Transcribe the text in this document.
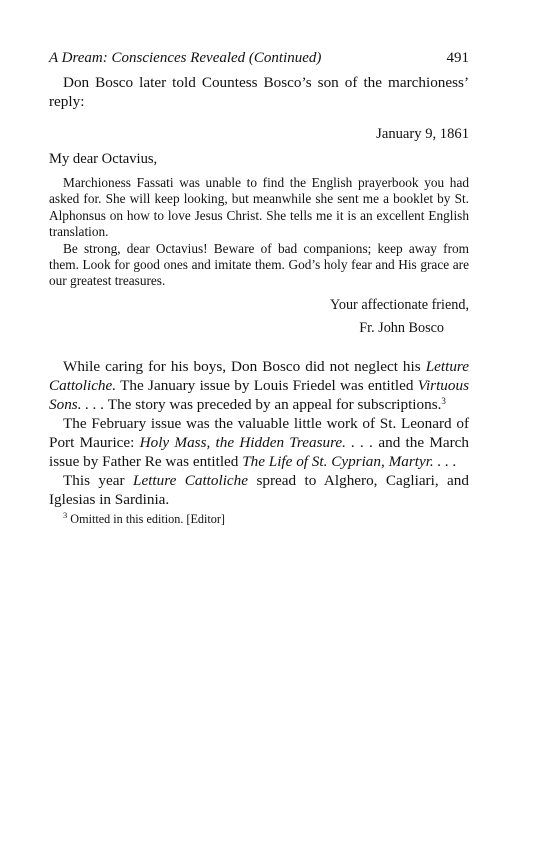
A Dream: Consciences Revealed (Continued)	491

Don Bosco later told Countess Bosco’s son of the marchioness’ reply:

January 9, 1861
My dear Octavius,

Marchioness Fassati was unable to find the English prayerbook you had asked for. She will keep looking, but meanwhile she sent me a booklet by St. Alphonsus on how to love Jesus Christ. She tells me it is an excellent English translation.

Be strong, dear Octavius! Beware of bad companions; keep away from them. Look for good ones and imitate them. God’s holy fear and His grace are our greatest treasures.

Your affectionate friend,
Fr. John Bosco

While caring for his boys, Don Bosco did not neglect his Letture Cattoliche. The January issue by Louis Friedel was entitled Virtuous Sons. . . . The story was preceded by an appeal for subscriptions.$^3$

The February issue was the valuable little work of St. Leonard of Port Maurice: Holy Mass, the Hidden Treasure. . . . and the March issue by Father Re was entitled The Life of St. Cyprian, Martyr. . . .

This year Letture Cattoliche spread to Alghero, Cagliari, and Iglesias in Sardinia.

$^3$ Omitted in this edition. [Editor]
